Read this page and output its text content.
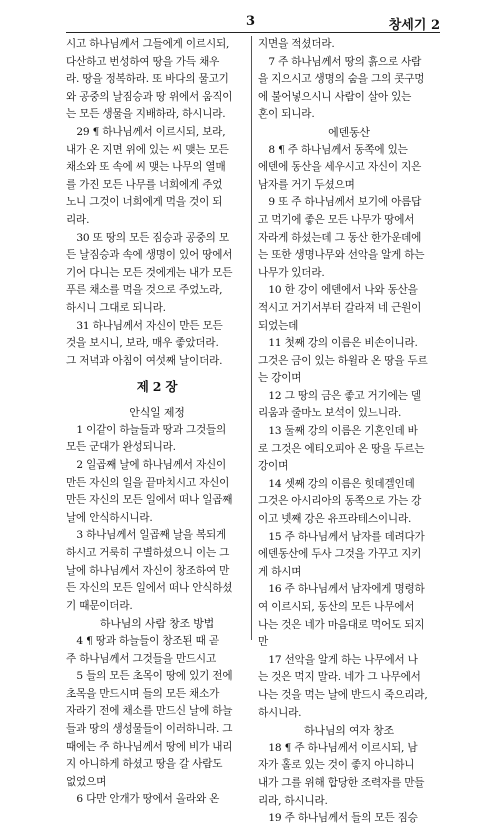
3	창세기 2
시고 하나님께서 그들에게 이르시되,
다산하고 번성하여 땅을 가득 채우
라. 땅을 정복하라. 또 바다의 물고기
와 공중의 날짐승과 땅 위에서 움직이
는 모든 생물을 지배하라, 하시니라.
　29 ¶ 하나님께서 이르시되, 보라,
내가 온 지면 위에 있는 씨 맺는 모든
채소와 또 속에 씨 맺는 나무의 열매
를 가진 모든 나무를 너희에게 주었
노니 그것이 너희에게 먹을 것이 되
리라.
　30 또 땅의 모든 짐승과 공중의 모
든 날짐승과 속에 생명이 있어 땅에서
기어 다니는 모든 것에게는 내가 모든
푸른 채소를 먹을 것으로 주었노라,
하시니 그대로 되니라.
　31 하나님께서 자신이 만든 모든
것을 보시니, 보라, 매우 좋았더라.
그 저녁과 아침이 여섯째 날이더라.
제 2 장
안식일 제정
　1 이같이 하늘들과 땅과 그것들의
모든 군대가 완성되니라.
　2 일곱째 날에 하나님께서 자신이
만든 자신의 일을 끝마치시고 자신이
만든 자신의 모든 일에서 떠나 일곱째
날에 안식하시니라.
　3 하나님께서 일곱째 날을 복되게
하시고 거룩히 구별하셨으니 이는 그
날에 하나님께서 자신이 창조하여 만
든 자신의 모든 일에서 떠나 안식하셨
기 때문이더라.
하나님의 사람 창조 방법
　4 ¶ 땅과 하늘들이 창조된 때 곧
주 하나님께서 그것들을 만드시고
　5 들의 모든 초목이 땅에 있기 전에
초목을 만드시며 들의 모든 채소가
자라기 전에 채소를 만드신 날에 하늘
들과 땅의 생성물들이 이러하니라. 그
때에는 주 하나님께서 땅에 비가 내리
지 아니하게 하셨고 땅을 갈 사람도
없었으며
　6 다만 안개가 땅에서 올라와 온
지면을 적셨더라.
　7 주 하나님께서 땅의 흙으로 사람
을 지으시고 생명의 숨을 그의 콧구멍
에 불어넣으시니 사람이 살아 있는
혼이 되니라.
에덴동산
　8 ¶ 주 하나님께서 동쪽에 있는
에덴에 동산을 세우시고 자신이 지은
남자를 거기 두셨으며
　9 또 주 하나님께서 보기에 아름답
고 먹기에 좋은 모든 나무가 땅에서
자라게 하셨는데 그 동산 한가운데에
는 또한 생명나무와 선악을 알게 하는
나무가 있더라.
　10 한 강이 에덴에서 나와 동산을
적시고 거기서부터 갈라져 네 근원이
되었는데
　11 첫째 강의 이름은 비손이니라.
그것은 금이 있는 하윌라 온 땅을 두르
는 강이며
　12 그 땅의 금은 좋고 거기에는 델
리움과 줄마노 보석이 있느니라.
　13 둘째 강의 이름은 기혼인데 바
로 그것은 에티오피아 온 땅을 두르는
강이며
　14 셋째 강의 이름은 힛데겔인데
그것은 아시리아의 동쪽으로 가는 강
이고 넷째 강은 유프라테스이니라.
　15 주 하나님께서 남자를 데려다가
에덴동산에 두사 그것을 가꾸고 지키
게 하시며
　16 주 하나님께서 남자에게 명령하
여 이르시되, 동산의 모든 나무에서
나는 것은 네가 마음대로 먹어도 되지
만
　17 선악을 알게 하는 나무에서 나
는 것은 먹지 말라. 네가 그 나무에서
나는 것을 먹는 날에 반드시 죽으리라,
하시니라.
하나님의 여자 창조
　18 ¶ 주 하나님께서 이르시되, 남
자가 홀로 있는 것이 좋지 아니하니
내가 그를 위해 합당한 조력자를 만들
리라, 하시니라.
　19 주 하나님께서 들의 모든 짐승
